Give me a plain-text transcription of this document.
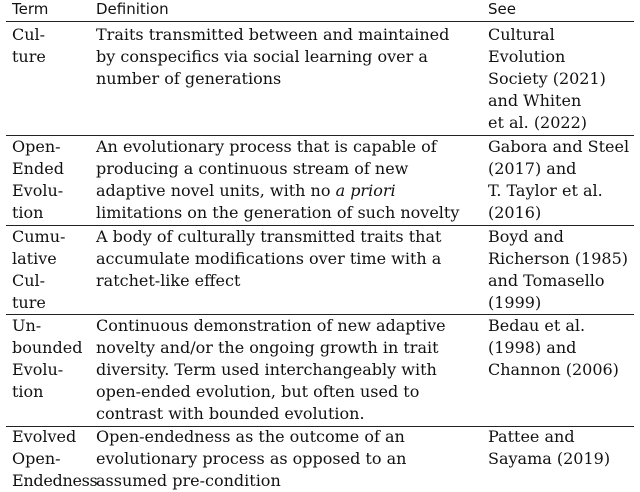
Term	Definition	See
Cul-
ture
Traits transmitted between and maintained
by conspecifics via social learning over a
number of generations
Cultural
Evolution
Society (2021)
and Whiten
et al. (2022)
Open-
Ended
Evolu-
tion
An evolutionary process that is capable of
producing a continuous stream of new
adaptive novel units, with no a priori
limitations on the generation of such novelty
Gabora and Steel
(2017) and
T. Taylor et al.
(2016)
Cumu-
lative
Cul-
ture
A body of culturally transmitted traits that
accumulate modifications over time with a
ratchet-like effect
Boyd and
Richerson (1985)
and Tomasello
(1999)
Un-
bounded
Evolu-
tion
Continuous demonstration of new adaptive
novelty and/or the ongoing growth in trait
diversity. Term used interchangeably with
open-ended evolution, but often used to
contrast with bounded evolution.
Bedau et al.
(1998) and
Channon (2006)
Evolved
Open-
Endedness
Open-endedness as the outcome of an
evolutionary process as opposed to an
assumed pre-condition
Pattee and
Sayama (2019)
